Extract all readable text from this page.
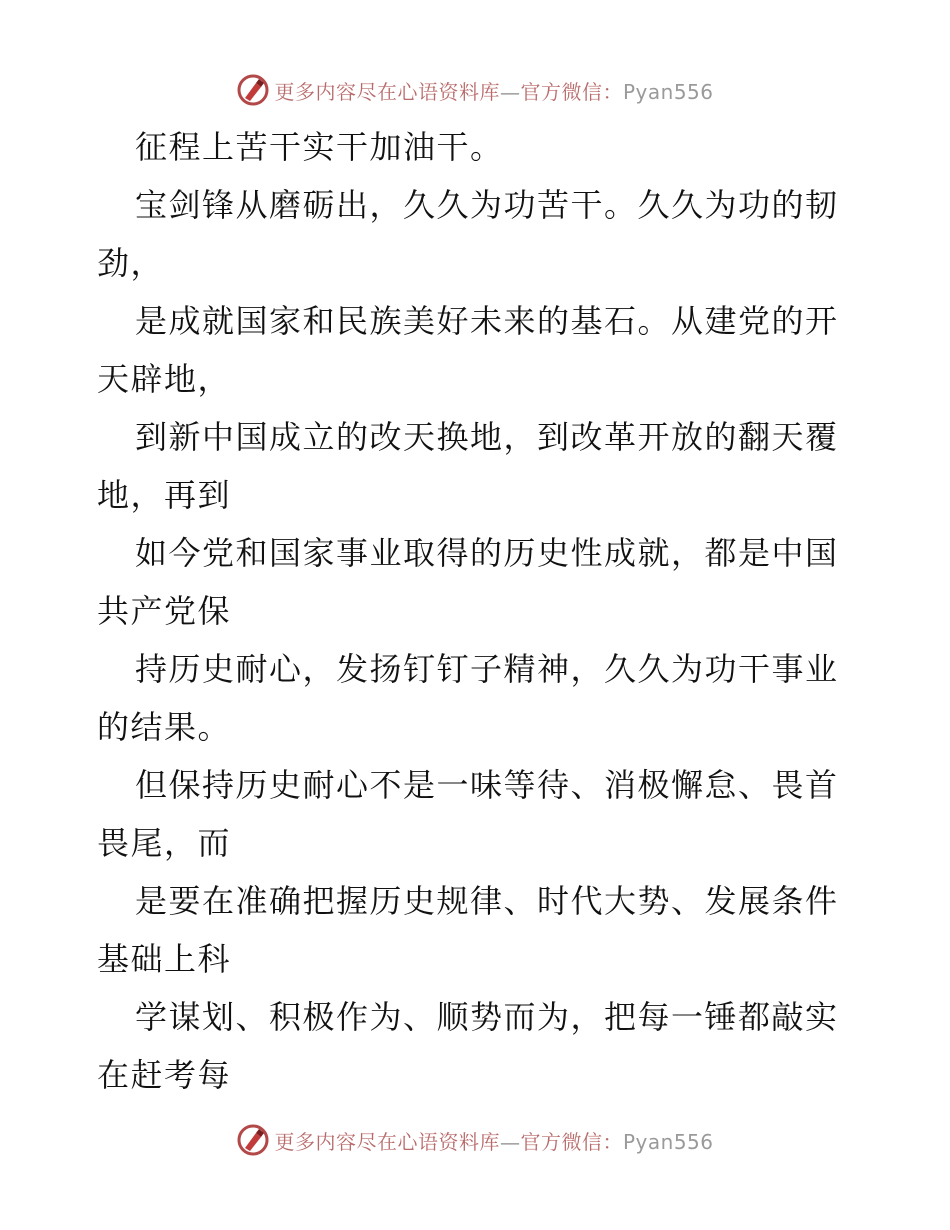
更多内容尽在心语资料库—官方微信：Pyan556
征程上苦干实干加油干。
宝剑锋从磨砺出，久久为功苦干。久久为功的韧
劲，
是成就国家和民族美好未来的基石。从建党的开
天辟地，
到新中国成立的改天换地，到改革开放的翻天覆
地，再到
如今党和国家事业取得的历史性成就，都是中国
共产党保
持历史耐心，发扬钉钉子精神，久久为功干事业
的结果。
但保持历史耐心不是一味等待、消极懈怠、畏首
畏尾，而
是要在准确把握历史规律、时代大势、发展条件
基础上科
学谋划、积极作为、顺势而为，把每一锤都敲实
在赶考每
更多内容尽在心语资料库—官方微信：Pyan556
